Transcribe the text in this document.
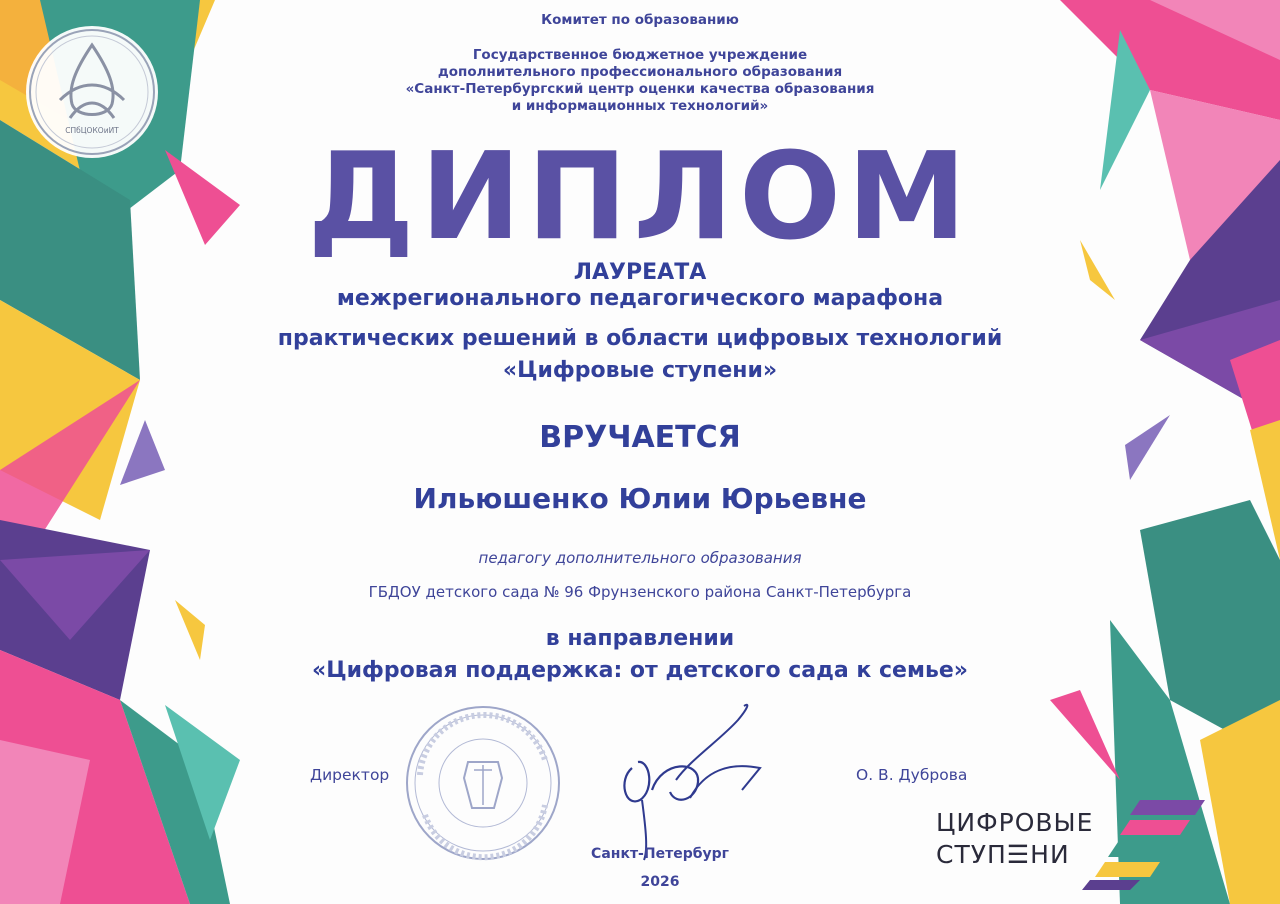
СПбЦОКОиИТ

Комитет по образованию

Государственное бюджетное учреждение
дополнительного профессионального образования
«Санкт-Петербургский центр оценки качества образования
и информационных технологий»

ДИПЛОМ

ЛАУРЕАТА

межрегионального педагогического марафона

практических решений в области цифровых технологий

«Цифровые ступени»

ВРУЧАЕТСЯ

Ильюшенко Юлии Юрьевне

педагогу дополнительного образования

ГБДОУ детского сада № 96 Фрунзенского района Санкт-Петербурга

в направлении

«Цифровая поддержка: от детского сада к семье»

Директор	О. В. Дуброва

Санкт-Петербург

2026

ЦИФРОВЫЕ

СТУП☰НИ
